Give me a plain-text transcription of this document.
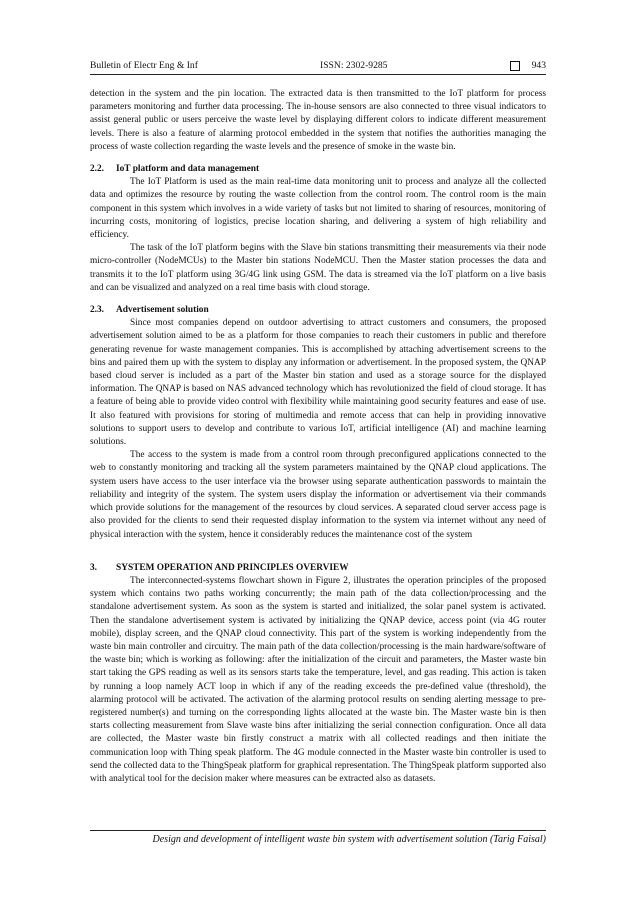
Bulletin of Electr Eng & Inf	ISSN: 2302-9285	943

detection in the system and the pin location. The extracted data is then transmitted to the IoT platform for process parameters monitoring and further data processing. The in-house sensors are also connected to three visual indicators to assist general public or users perceive the waste level by displaying different colors to indicate different measurement levels. There is also a feature of alarming protocol embedded in the system that notifies the authorities managing the process of waste collection regarding the waste levels and the presence of smoke in the waste bin.

2.2. IoT platform and data management

The IoT Platform is used as the main real-time data monitoring unit to process and analyze all the collected data and optimizes the resource by routing the waste collection from the control room. The control room is the main component in this system which involves in a wide variety of tasks but not limited to sharing of resources, monitoring of incurring costs, monitoring of logistics, precise location sharing, and delivering a system of high reliability and efficiency.

The task of the IoT platform begins with the Slave bin stations transmitting their measurements via their node micro-controller (NodeMCUs) to the Master bin stations NodeMCU. Then the Master station processes the data and transmits it to the IoT platform using 3G/4G link using GSM. The data is streamed via the IoT platform on a live basis and can be visualized and analyzed on a real time basis with cloud storage.

2.3. Advertisement solution

Since most companies depend on outdoor advertising to attract customers and consumers, the proposed advertisement solution aimed to be as a platform for those companies to reach their customers in public and therefore generating revenue for waste management companies. This is accomplished by attaching advertisement screens to the bins and paired them up with the system to display any information or advertisement. In the proposed system, the QNAP based cloud server is included as a part of the Master bin station and used as a storage source for the displayed information. The QNAP is based on NAS advanced technology which has revolutionized the field of cloud storage. It has a feature of being able to provide video control with flexibility while maintaining good security features and ease of use. It also featured with provisions for storing of multimedia and remote access that can help in providing innovative solutions to support users to develop and contribute to various IoT, artificial intelligence (AI) and machine learning solutions.

The access to the system is made from a control room through preconfigured applications connected to the web to constantly monitoring and tracking all the system parameters maintained by the QNAP cloud applications. The system users have access to the user interface via the browser using separate authentication passwords to maintain the reliability and integrity of the system. The system users display the information or advertisement via their commands which provide solutions for the management of the resources by cloud services. A separated cloud server access page is also provided for the clients to send their requested display information to the system via internet without any need of physical interaction with the system, hence it considerably reduces the maintenance cost of the system

3. SYSTEM OPERATION AND PRINCIPLES OVERVIEW

The interconnected-systems flowchart shown in Figure 2, illustrates the operation principles of the proposed system which contains two paths working concurrently; the main path of the data collection/processing and the standalone advertisement system. As soon as the system is started and initialized, the solar panel system is activated. Then the standalone advertisement system is activated by initializing the QNAP device, access point (via 4G router mobile), display screen, and the QNAP cloud connectivity. This part of the system is working independently from the waste bin main controller and circuitry. The main path of the data collection/processing is the main hardware/software of the waste bin; which is working as following: after the initialization of the circuit and parameters, the Master waste bin start taking the GPS reading as well as its sensors starts take the temperature, level, and gas reading. This action is taken by running a loop namely ACT loop in which if any of the reading exceeds the pre-defined value (threshold), the alarming protocol will be activated. The activation of the alarming protocol results on sending alerting message to pre-registered number(s) and turning on the corresponding lights allocated at the waste bin. The Master waste bin is then starts collecting measurement from Slave waste bins after initializing the serial connection configuration. Once all data are collected, the Master waste bin firstly construct a matrix with all collected readings and then initiate the communication loop with Thing speak platform. The 4G module connected in the Master waste bin controller is used to send the collected data to the ThingSpeak platform for graphical representation. The ThingSpeak platform supported also with analytical tool for the decision maker where measures can be extracted also as datasets.

Design and development of intelligent waste bin system with advertisement solution (Tarig Faisal)
